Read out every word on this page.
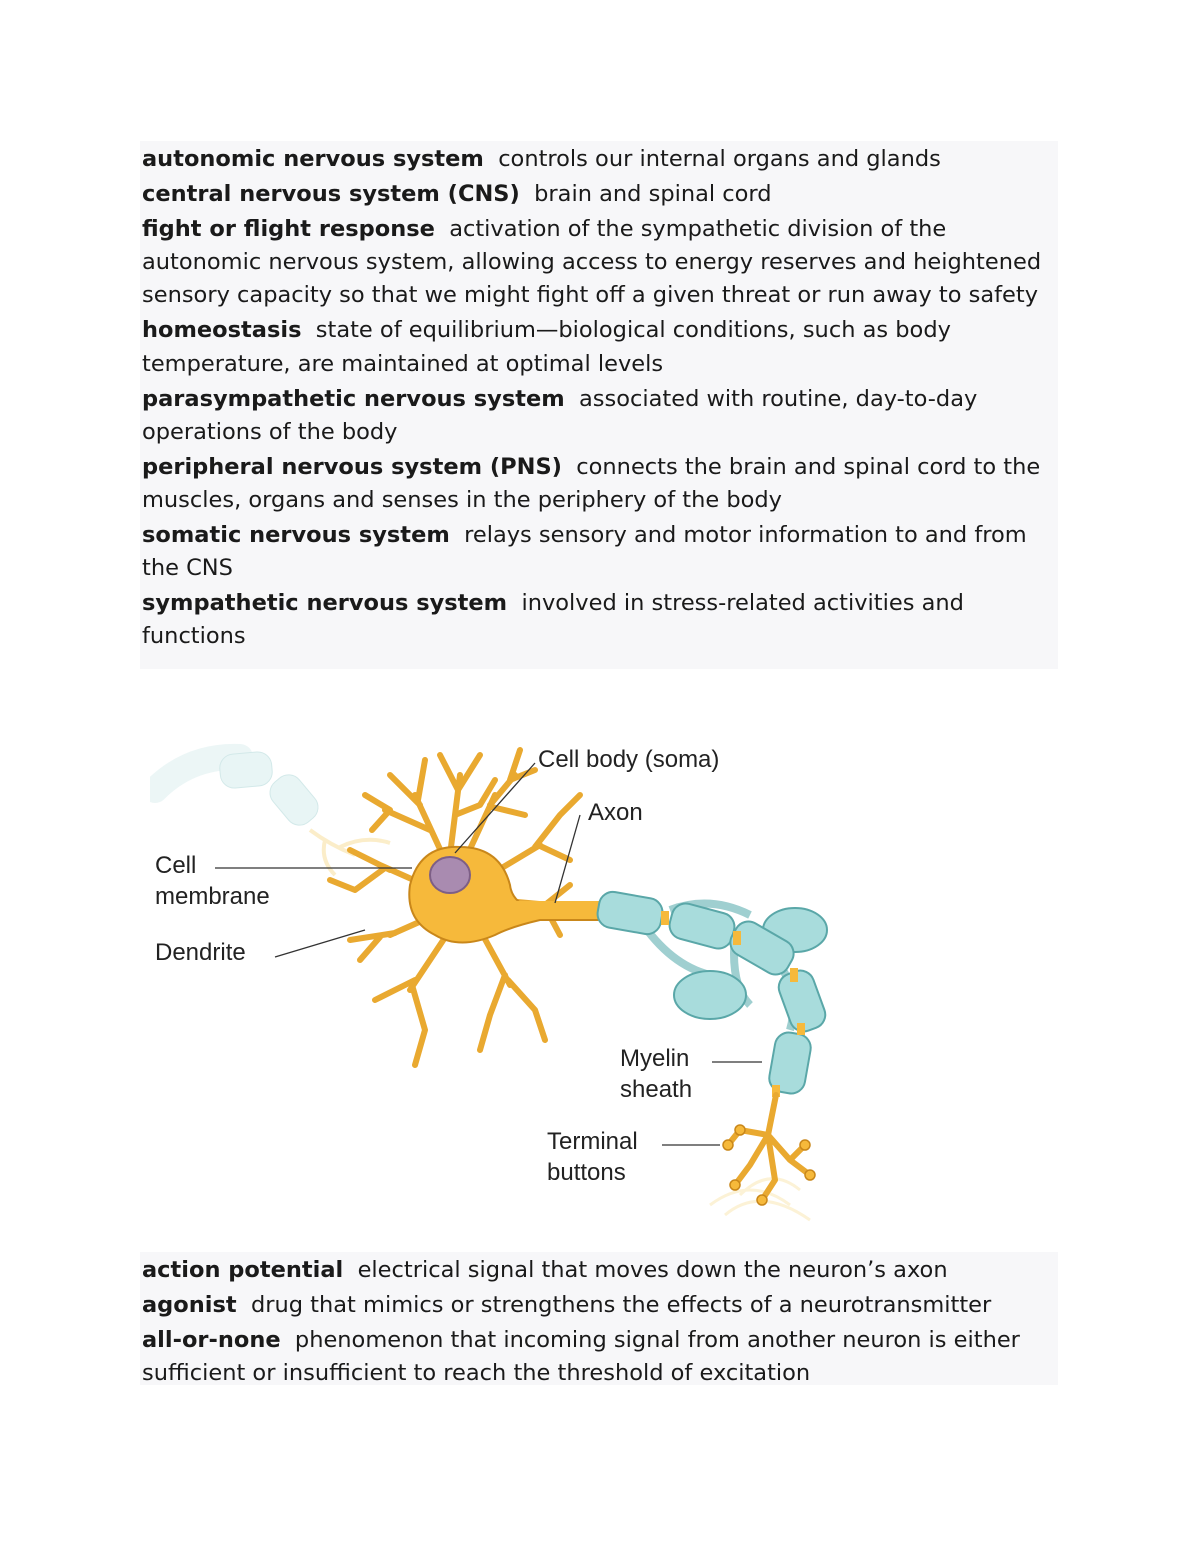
autonomic nervous system controls our internal organs and glands

central nervous system (CNS) brain and spinal cord

fight or flight response activation of the sympathetic division of the autonomic nervous system, allowing access to energy reserves and heightened sensory capacity so that we might fight off a given threat or run away to safety

homeostasis state of equilibrium—biological conditions, such as body temperature, are maintained at optimal levels

parasympathetic nervous system associated with routine, day-to-day operations of the body

peripheral nervous system (PNS) connects the brain and spinal cord to the muscles, organs and senses in the periphery of the body

somatic nervous system relays sensory and motor information to and from the CNS

sympathetic nervous system involved in stress-related activities and functions

Cell body (soma)
Axon
Cell
membrane
Dendrite
Myelin
sheath
Terminal
buttons

action potential electrical signal that moves down the neuron’s axon

agonist drug that mimics or strengthens the effects of a neurotransmitter

all-or-none phenomenon that incoming signal from another neuron is either sufficient or insufficient to reach the threshold of excitation
